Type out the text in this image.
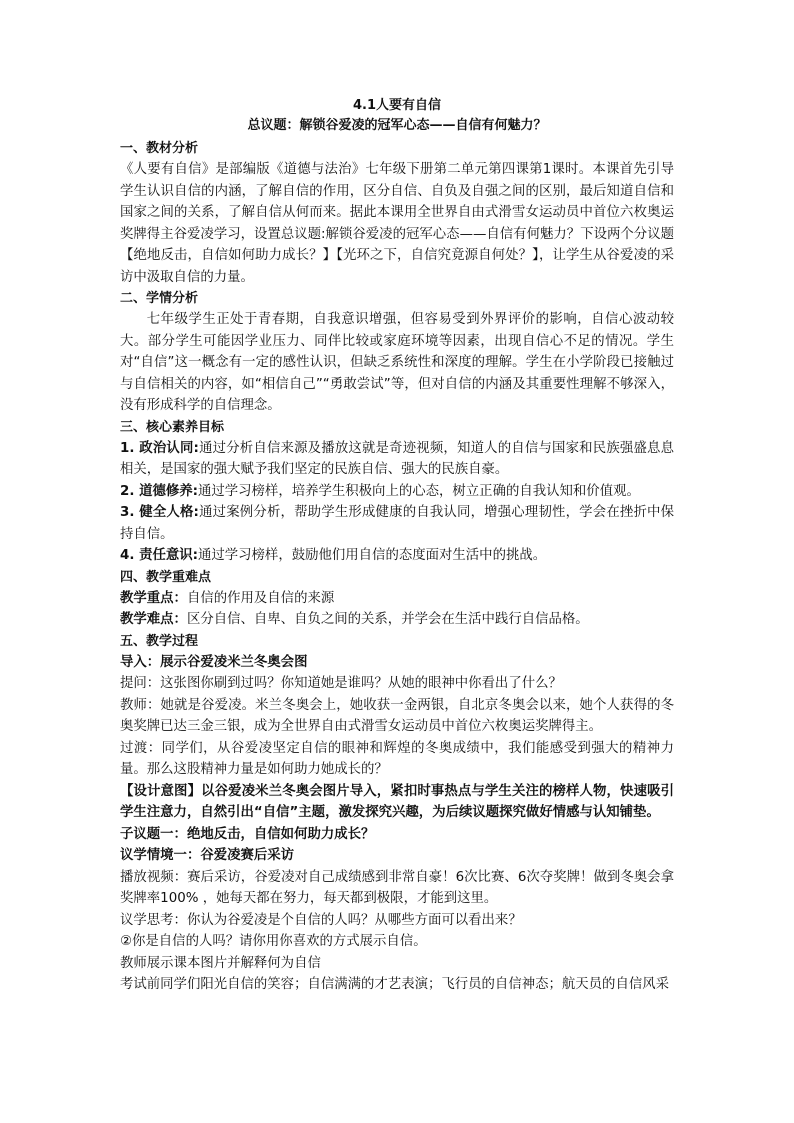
4.1人要有自信

总议题：解锁谷爱凌的冠军心态——自信有何魅力？

一、教材分析

《人要有自信》是部编版《道德与法治》七年级下册第二单元第四课第1课时。本课首先引导学生认识自信的内涵，了解自信的作用，区分自信、自负及自强之间的区别，最后知道自信和国家之间的关系，了解自信从何而来。据此本课用全世界自由式滑雪女运动员中首位六枚奥运奖牌得主谷爱凌学习，设置总议题:解锁谷爱凌的冠军心态——自信有何魅力？下设两个分议题【绝地反击，自信如何助力成长？】【光环之下，自信究竟源自何处？】，让学生从谷爱凌的采访中汲取自信的力量。

二、学情分析

七年级学生正处于青春期，自我意识增强，但容易受到外界评价的影响，自信心波动较大。部分学生可能因学业压力、同伴比较或家庭环境等因素，出现自信心不足的情况。学生对“自信”这一概念有一定的感性认识，但缺乏系统性和深度的理解。学生在小学阶段已接触过与自信相关的内容，如“相信自己”“勇敢尝试”等，但对自信的内涵及其重要性理解不够深入，没有形成科学的自信理念。

三、核心素养目标

1. 政治认同:通过分析自信来源及播放这就是奇迹视频，知道人的自信与国家和民族强盛息息相关，是国家的强大赋予我们坚定的民族自信、强大的民族自豪。

2. 道德修养:通过学习榜样，培养学生积极向上的心态，树立正确的自我认知和价值观。

3. 健全人格:通过案例分析，帮助学生形成健康的自我认同，增强心理韧性，学会在挫折中保持自信。

4. 责任意识:通过学习榜样，鼓励他们用自信的态度面对生活中的挑战。

四、教学重难点

教学重点：自信的作用及自信的来源

教学难点：区分自信、自卑、自负之间的关系，并学会在生活中践行自信品格。

五、教学过程

导入：展示谷爱凌米兰冬奥会图

提问：这张图你刷到过吗？你知道她是谁吗？从她的眼神中你看出了什么？

教师：她就是谷爱凌。米兰冬奥会上，她收获一金两银，自北京冬奥会以来，她个人获得的冬奥奖牌已达三金三银，成为全世界自由式滑雪女运动员中首位六枚奥运奖牌得主。

过渡：同学们，从谷爱凌坚定自信的眼神和辉煌的冬奥成绩中，我们能感受到强大的精神力量。那么这股精神力量是如何助力她成长的？

【设计意图】以谷爱凌米兰冬奥会图片导入，紧扣时事热点与学生关注的榜样人物，快速吸引学生注意力，自然引出“自信”主题，激发探究兴趣，为后续议题探究做好情感与认知铺垫。

子议题一：绝地反击，自信如何助力成长？

议学情境一：谷爱凌赛后采访

播放视频：赛后采访，谷爱凌对自己成绩感到非常自豪！6次比赛、6次夺奖牌！做到冬奥会拿奖牌率100% ，她每天都在努力，每天都到极限，才能到这里。

议学思考：你认为谷爱凌是个自信的人吗？从哪些方面可以看出来？

②你是自信的人吗？请你用你喜欢的方式展示自信。

教师展示课本图片并解释何为自信

考试前同学们阳光自信的笑容；自信满满的才艺表演；飞行员的自信神态；航天员的自信风采
